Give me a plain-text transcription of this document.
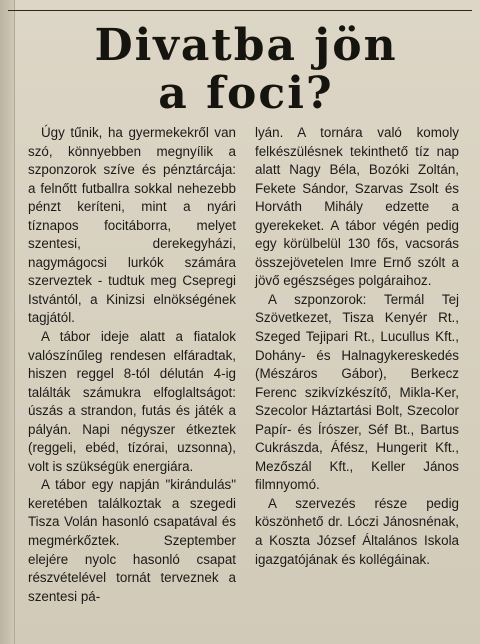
Divatba jön
a foci?

Úgy tűnik, ha gyermekekről van szó, könnyebben megnyílik a szponzorok szíve és pénztárcája: a felnőtt futballra sokkal nehezebb pénzt keríteni, mint a nyári tíznapos focitáborra, melyet szentesi, derekegyházi, nagymágocsi lurkók számára szerveztek - tudtuk meg Csepregi Istvántól, a Kinizsi elnökségének tagjától.

A tábor ideje alatt a fiatalok valószínűleg rendesen elfáradtak, hiszen reggel 8-tól délután 4-ig találták számukra elfoglaltságot: úszás a strandon, futás és játék a pályán. Napi négyszer étkeztek (reggeli, ebéd, tízórai, uzsonna), volt is szükségük energiára.

A tábor egy napján "kirándulás" keretében találkoztak a szegedi Tisza Volán hasonló csapatával és megmérkőztek. Szeptember elejére nyolc hasonló csapat részvételével tornát terveznek a szentesi pá-

lyán. A tornára való komoly felkészülésnek tekinthető tíz nap alatt Nagy Béla, Bozóki Zoltán, Fekete Sándor, Szarvas Zsolt és Horváth Mihály edzette a gyerekeket. A tábor végén pedig egy körülbelül 130 fős, vacsorás összejövetelen Imre Ernő szólt a jövő egészséges polgáraihoz.

A szponzorok: Termál Tej Szövetkezet, Tisza Kenyér Rt., Szeged Tejipari Rt., Lucullus Kft., Dohány- és Halnagykereskedés (Mészáros Gábor), Berkecz Ferenc szikvízkészítő, Mikla-Ker, Szecolor Háztartási Bolt, Szecolor Papír- és Írószer, Séf Bt., Bartus Cukrászda, Áfész, Hungerit Kft., Mezőszál Kft., Keller János filmnyomó.

A szervezés része pedig köszönhető dr. Lóczi Jánosnénak, a Koszta József Általános Iskola igazgatójának és kollégáinak.
